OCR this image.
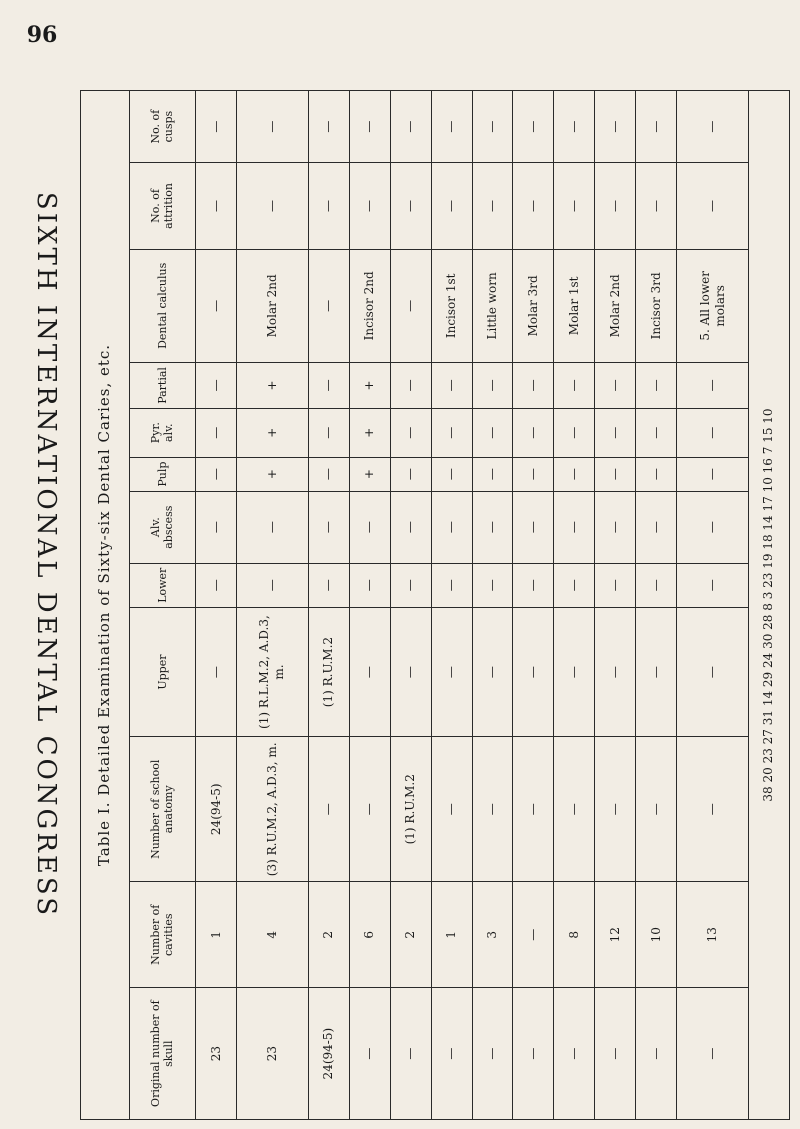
96
SIXTH INTERNATIONAL DENTAL CONGRESS Table I. Detailed Examination of Sixty-six Dental Caries, etc.											
Original number of skull	Number of cavities	Number of school anatomy	Upper	Lower	Alv. abscess	Pulp	Pyr. alv.	Partial	Dental calculus	No. of attrition	No. of cusps
23	1	24(94-5)	—	—	—	—	—	—	—	—	—
23	4	(3) R.U.M.2, A.D.3, m.	(1) R.L.M.2, A.D.3, m.	—	—	+	+	+	Molar 2nd	—	—
24(94-5)	2	—	(1) R.U.M.2	—	—	—	—	—	—	—	—
—	6	—	—	—	—	+	+	+	Incisor 2nd	—	—
—	2	(1) R.U.M.2	—	—	—	—	—	—	—	—	—
—	1	—	—	—	—	—	—	—	Incisor 1st	—	—
—	3	—	—	—	—	—	—	—	Little worn	—	—
—	—	—	—	—	—	—	—	—	Molar 3rd	—	—
—	8	—	—	—	—	—	—	—	Molar 1st	—	—
—	12	—	—	—	—	—	—	—	Molar 2nd	—	—
—	10	—	—	—	—	—	—	—	Incisor 3rd	—	—
—	13	—	—	—	—	—	—	—	5. All lower molars	—	—
38 20 23 27 31 14 29 24 30 28 8 3 23 19 18 14 17 10 16 7 15 10											
